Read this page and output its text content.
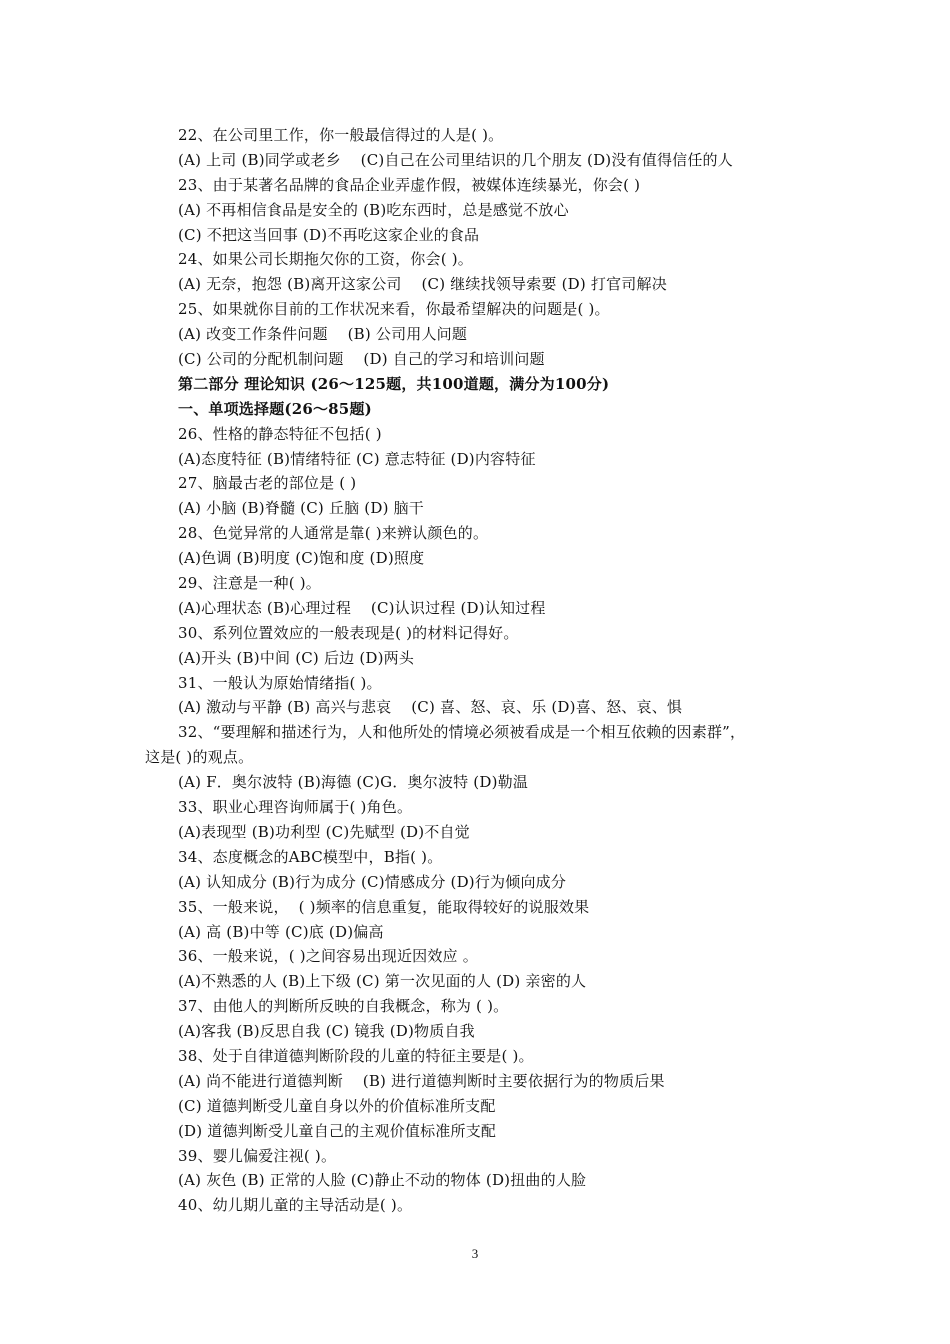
22、在公司里工作，你一般最信得过的人是( )。
(A) 上司 (B)同学或老乡    (C)自己在公司里结识的几个朋友 (D)没有值得信任的人
23、由于某著名品牌的食品企业弄虚作假，被媒体连续暴光，你会( )
(A) 不再相信食品是安全的 (B)吃东西时，总是感觉不放心
(C) 不把这当回事 (D)不再吃这家企业的食品
24、如果公司长期拖欠你的工资，你会( )。
(A) 无奈，抱怨 (B)离开这家公司    (C) 继续找领导索要 (D) 打官司解决
25、如果就你目前的工作状况来看，你最希望解决的问题是( )。
(A) 改变工作条件问题    (B) 公司用人问题
(C) 公司的分配机制问题    (D) 自己的学习和培训问题
第二部分 理论知识 (26～125题，共100道题，满分为100分)
一、单项选择题(26～85题)
26、性格的静态特征不包括( )
(A)态度特征 (B)情绪特征 (C) 意志特征 (D)内容特征
27、脑最古老的部位是 ( )
(A) 小脑 (B)脊髓 (C) 丘脑 (D) 脑干
28、色觉异常的人通常是靠( )来辨认颜色的。
(A)色调 (B)明度 (C)饱和度 (D)照度
29、注意是一种( )。
(A)心理状态 (B)心理过程    (C)认识过程 (D)认知过程
30、系列位置效应的一般表现是( )的材料记得好。
(A)开头 (B)中间 (C) 后边 (D)两头
31、一般认为原始情绪指( )。
(A) 激动与平静 (B) 高兴与悲哀    (C) 喜、怒、哀、乐 (D)喜、怒、哀、惧
32、“要理解和描述行为，人和他所处的情境必须被看成是一个相互依赖的因素群”，
这是( )的观点。
(A) F．奥尔波特 (B)海德 (C)G．奥尔波特 (D)勒温
33、职业心理咨询师属于( )角色。
(A)表现型 (B)功利型 (C)先赋型 (D)不自觉
34、态度概念的ABC模型中，B指( )。
(A) 认知成分 (B)行为成分 (C)情感成分 (D)行为倾向成分
35、一般来说，  ( )频率的信息重复，能取得较好的说服效果
(A) 高 (B)中等 (C)底 (D)偏高
36、一般来说，( )之间容易出现近因效应 。
(A)不熟悉的人 (B)上下级 (C) 第一次见面的人 (D) 亲密的人
37、由他人的判断所反映的自我概念，称为 ( )。
(A)客我 (B)反思自我 (C) 镜我 (D)物质自我
38、处于自律道德判断阶段的儿童的特征主要是( )。
(A) 尚不能进行道德判断    (B) 进行道德判断时主要依据行为的物质后果
(C) 道德判断受儿童自身以外的价值标准所支配
(D) 道德判断受儿童自己的主观价值标准所支配
39、婴儿偏爱注视( )。
(A) 灰色 (B) 正常的人脸 (C)静止不动的物体 (D)扭曲的人脸
40、幼儿期儿童的主导活动是( )。
3
